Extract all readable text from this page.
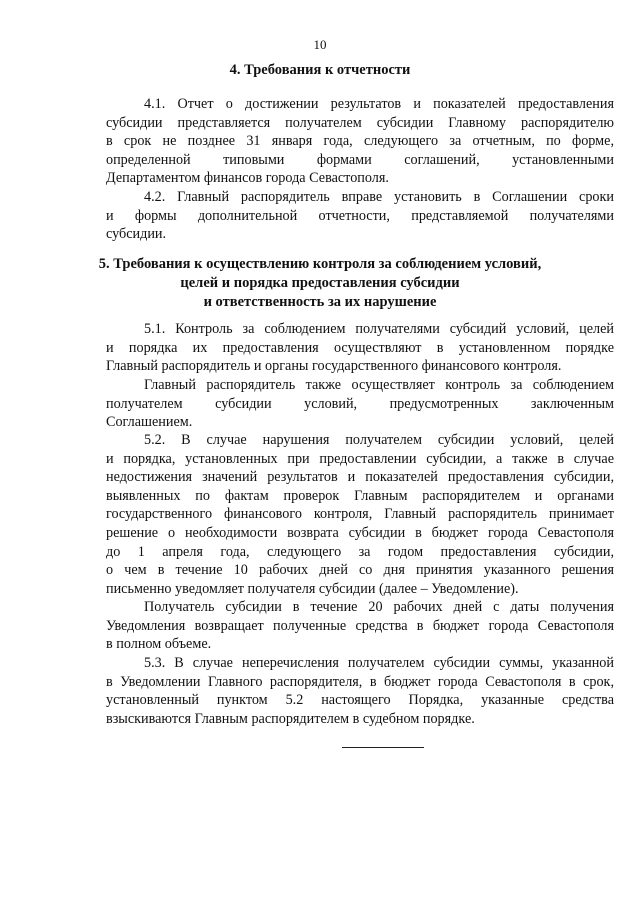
10
4. Требования к отчетности
4.1. Отчет о достижении результатов и показателей предоставления
субсидии представляется получателем субсидии Главному распорядителю
в срок не позднее 31 января года, следующего за отчетным, по форме,
определенной типовыми формами соглашений, установленными
Департаментом финансов города Севастополя.
4.2. Главный распорядитель вправе установить в Соглашении сроки
и формы дополнительной отчетности, представляемой получателями
субсидии.
5. Требования к осуществлению контроля за соблюдением условий,
целей и порядка предоставления субсидии
и ответственность за их нарушение
5.1. Контроль за соблюдением получателями субсидий условий, целей
и порядка их предоставления осуществляют в установленном порядке
Главный распорядитель и органы государственного финансового контроля.
Главный распорядитель также осуществляет контроль за соблюдением
получателем субсидии условий, предусмотренных заключенным
Соглашением.
5.2. В случае нарушения получателем субсидии условий, целей
и порядка, установленных при предоставлении субсидии, а также в случае
недостижения значений результатов и показателей предоставления субсидии,
выявленных по фактам проверок Главным распорядителем и органами
государственного финансового контроля, Главный распорядитель принимает
решение о необходимости возврата субсидии в бюджет города Севастополя
до 1 апреля года, следующего за годом предоставления субсидии,
о чем в течение 10 рабочих дней со дня принятия указанного решения
письменно уведомляет получателя субсидии (далее – Уведомление).
Получатель субсидии в течение 20 рабочих дней с даты получения
Уведомления возвращает полученные средства в бюджет города Севастополя
в полном объеме.
5.3. В случае неперечисления получателем субсидии суммы, указанной
в Уведомлении Главного распорядителя, в бюджет города Севастополя в срок,
установленный пунктом 5.2 настоящего Порядка, указанные средства
взыскиваются Главным распорядителем в судебном порядке.
